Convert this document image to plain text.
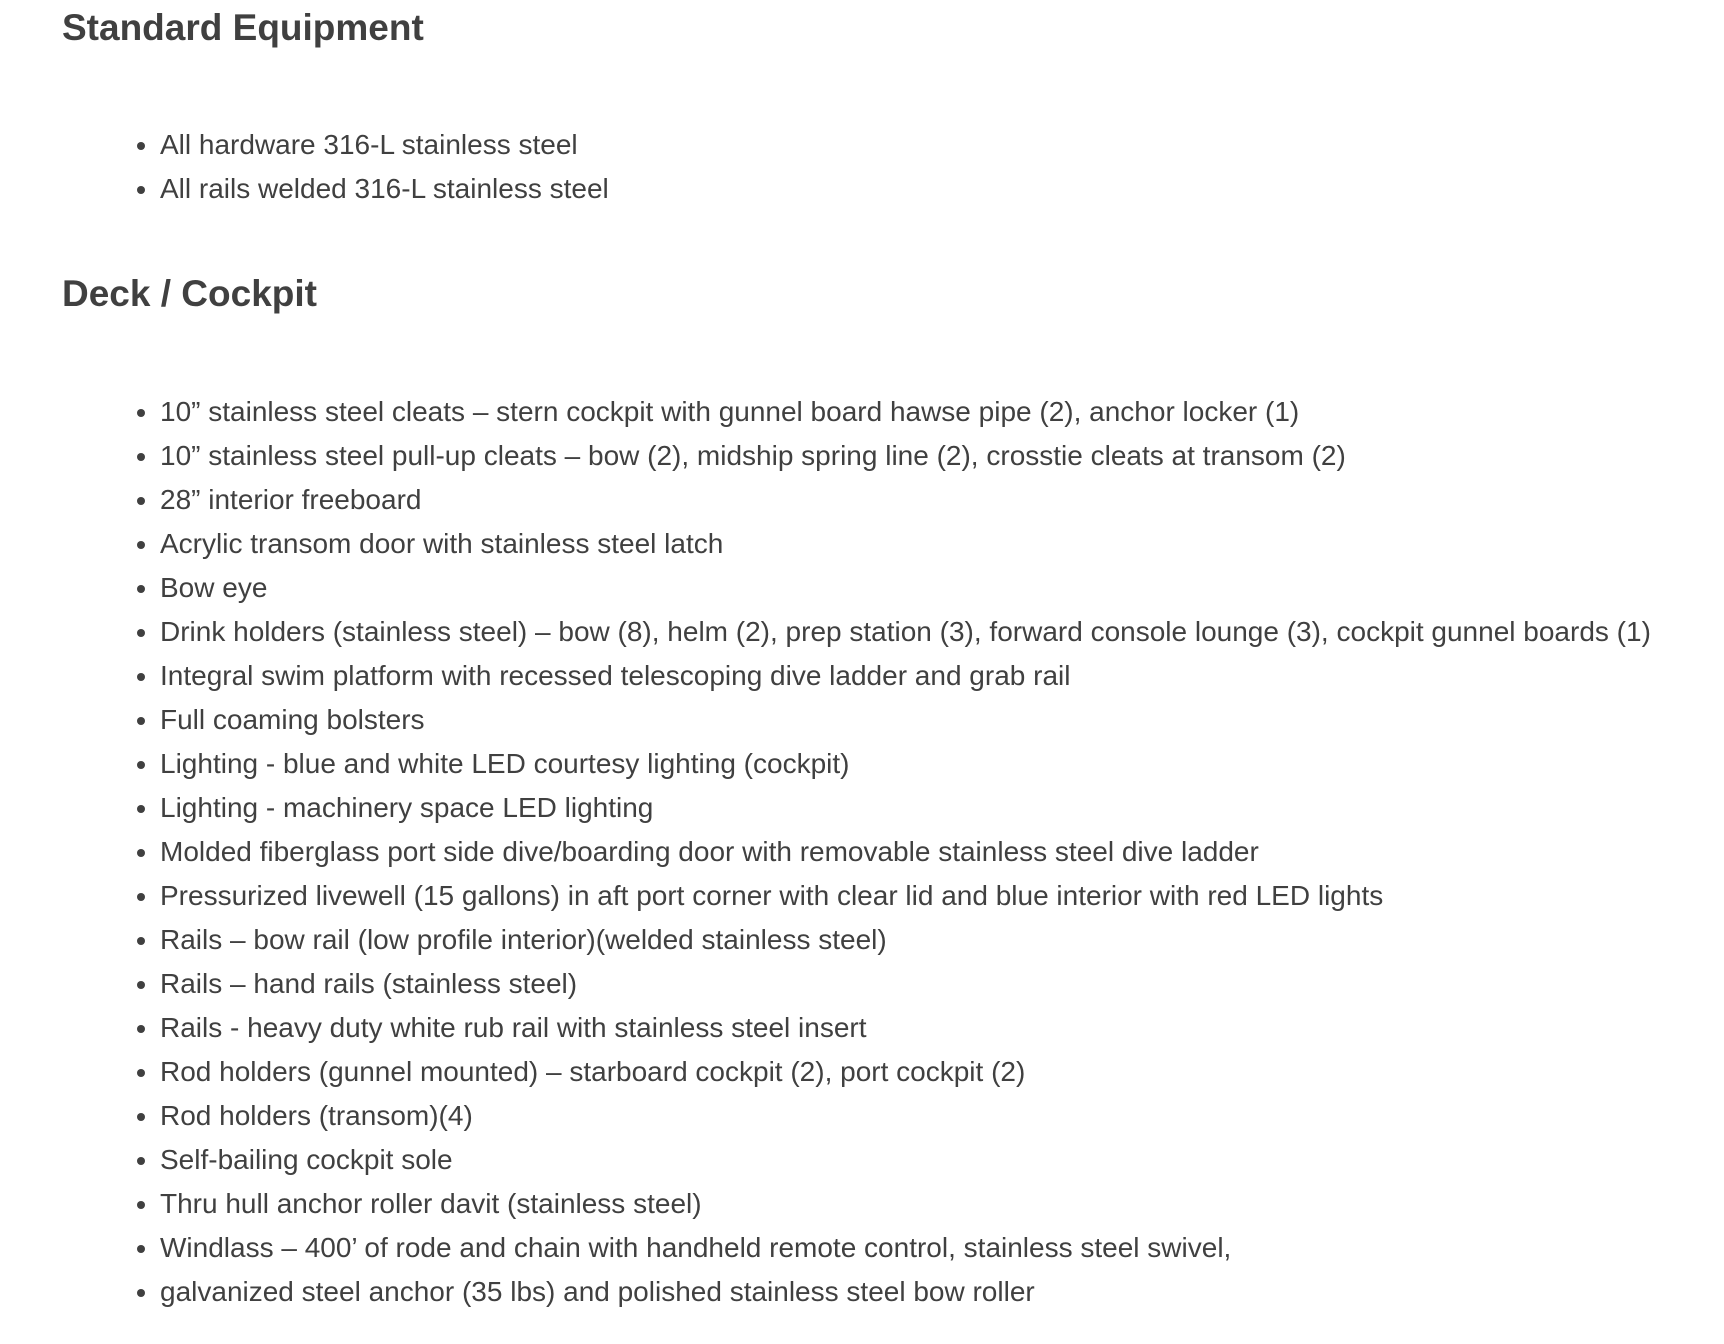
Standard Equipment
• All hardware 316-L stainless steel
• All rails welded 316-L stainless steel
Deck / Cockpit
• 10” stainless steel cleats – stern cockpit with gunnel board hawse pipe (2), anchor locker (1)
• 10” stainless steel pull-up cleats – bow (2), midship spring line (2), crosstie cleats at transom (2)
• 28” interior freeboard
• Acrylic transom door with stainless steel latch
• Bow eye
• Drink holders (stainless steel) – bow (8), helm (2), prep station (3), forward console lounge (3), cockpit gunnel boards (1)
• Integral swim platform with recessed telescoping dive ladder and grab rail
• Full coaming bolsters
• Lighting - blue and white LED courtesy lighting (cockpit)
• Lighting - machinery space LED lighting
• Molded fiberglass port side dive/boarding door with removable stainless steel dive ladder
• Pressurized livewell (15 gallons) in aft port corner with clear lid and blue interior with red LED lights
• Rails – bow rail (low profile interior)(welded stainless steel)
• Rails – hand rails (stainless steel)
• Rails - heavy duty white rub rail with stainless steel insert
• Rod holders (gunnel mounted) – starboard cockpit (2), port cockpit (2)
• Rod holders (transom)(4)
• Self-bailing cockpit sole
• Thru hull anchor roller davit (stainless steel)
• Windlass – 400’ of rode and chain with handheld remote control, stainless steel swivel,
• galvanized steel anchor (35 lbs) and polished stainless steel bow roller
